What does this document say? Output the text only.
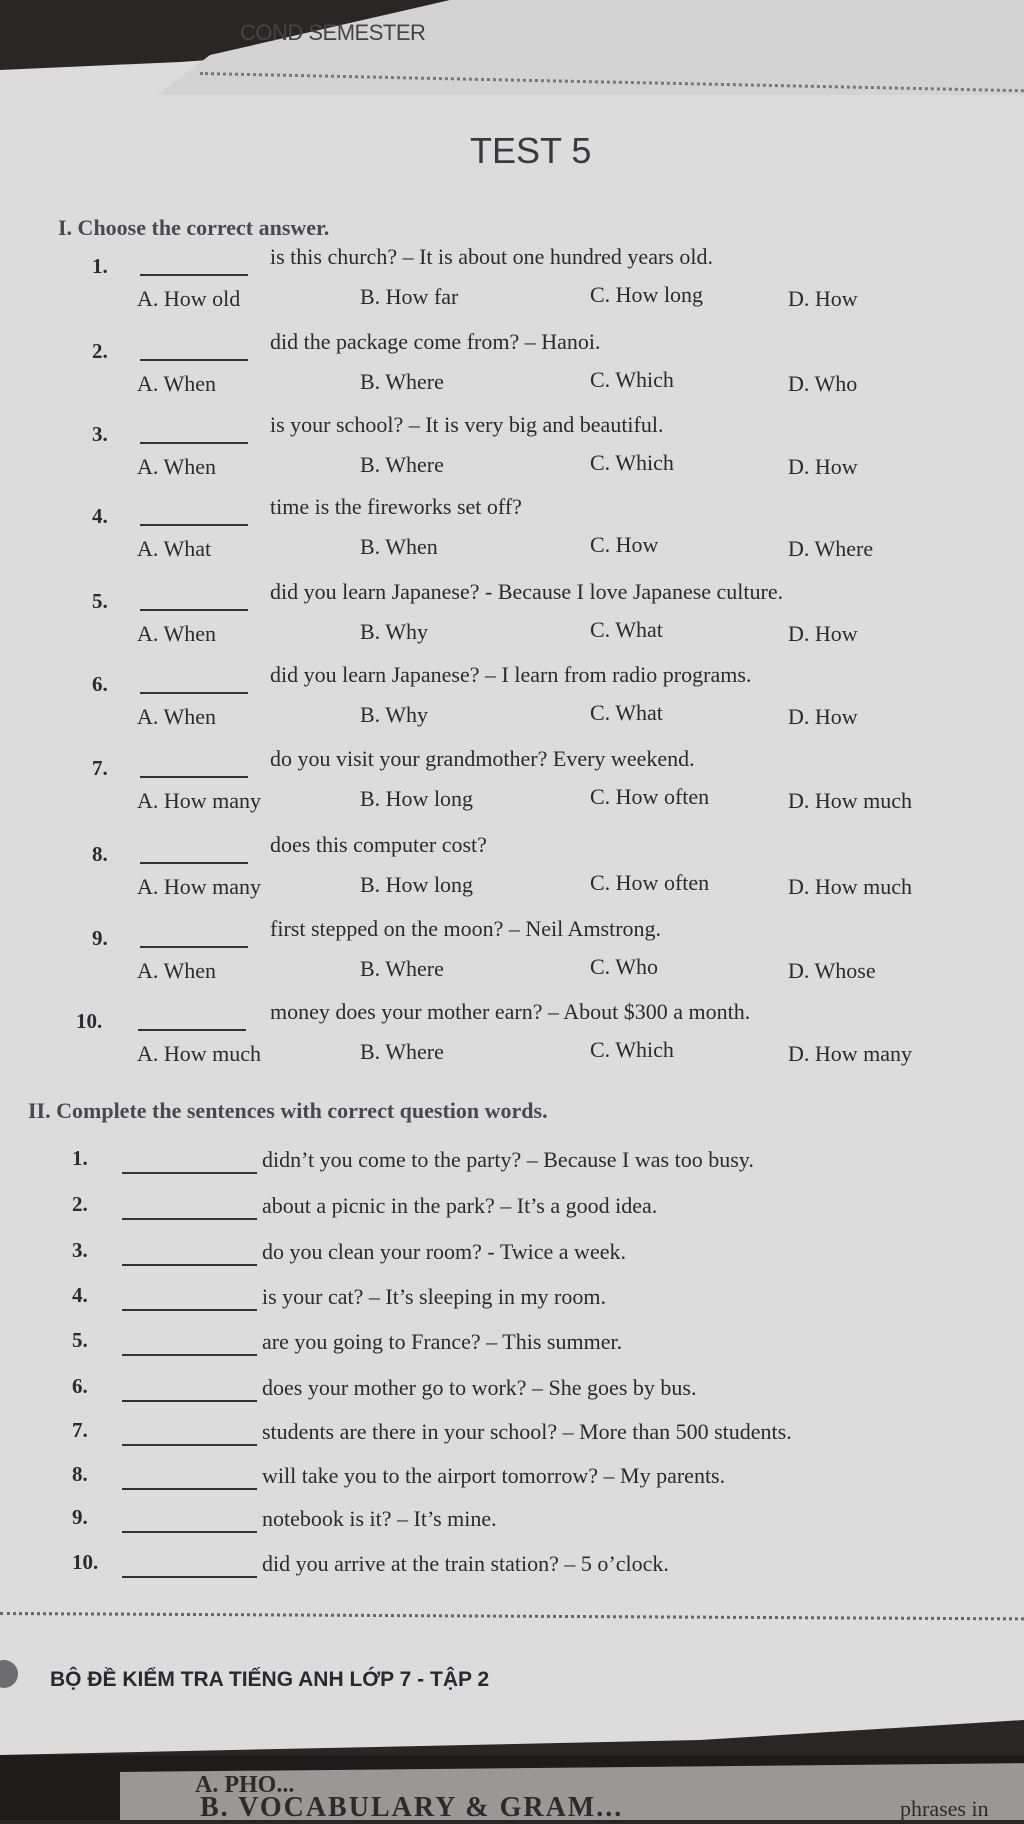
COND SEMESTER
TEST 5
I. Choose the correct answer.
1.	is this church? – It is about one hundred years old.
A. How old	B. How far	C. How long	D. How
2.	did the package come from? – Hanoi.
A. When	B. Where	C. Which	D. Who
3.	is your school? – It is very big and beautiful.
A. When	B. Where	C. Which	D. How
4.	time is the fireworks set off?
A. What	B. When	C. How	D. Where
5.	did you learn Japanese? - Because I love Japanese culture.
A. When	B. Why	C. What	D. How
6.	did you learn Japanese? – I learn from radio programs.
A. When	B. Why	C. What	D. How
7.	do you visit your grandmother? Every weekend.
A. How many	B. How long	C. How often	D. How much
8.	does this computer cost?
A. How many	B. How long	C. How often	D. How much
9.	first stepped on the moon? – Neil Amstrong.
A. When	B. Where	C. Who	D. Whose
10.	money does your mother earn? – About $300 a month.
A. How much	B. Where	C. Which	D. How many
II. Complete the sentences with correct question words.
1.	didn’t you come to the party? – Because I was too busy.
2.	about a picnic in the park? – It’s a good idea.
3.	do you clean your room? - Twice a week.
4.	is your cat? – It’s sleeping in my room.
5.	are you going to France? – This summer.
6.	does your mother go to work? – She goes by bus.
7.	students are there in your school? – More than 500 students.
8.	will take you to the airport tomorrow? – My parents.
9.	notebook is it? – It’s mine.
10.	did you arrive at the train station? – 5 o’clock.
BỘ ĐỀ KIỂM TRA TIẾNG ANH LỚP 7 - TẬP 2
A. PHO...
B. VOCABULARY & GRAM...	phrases in
